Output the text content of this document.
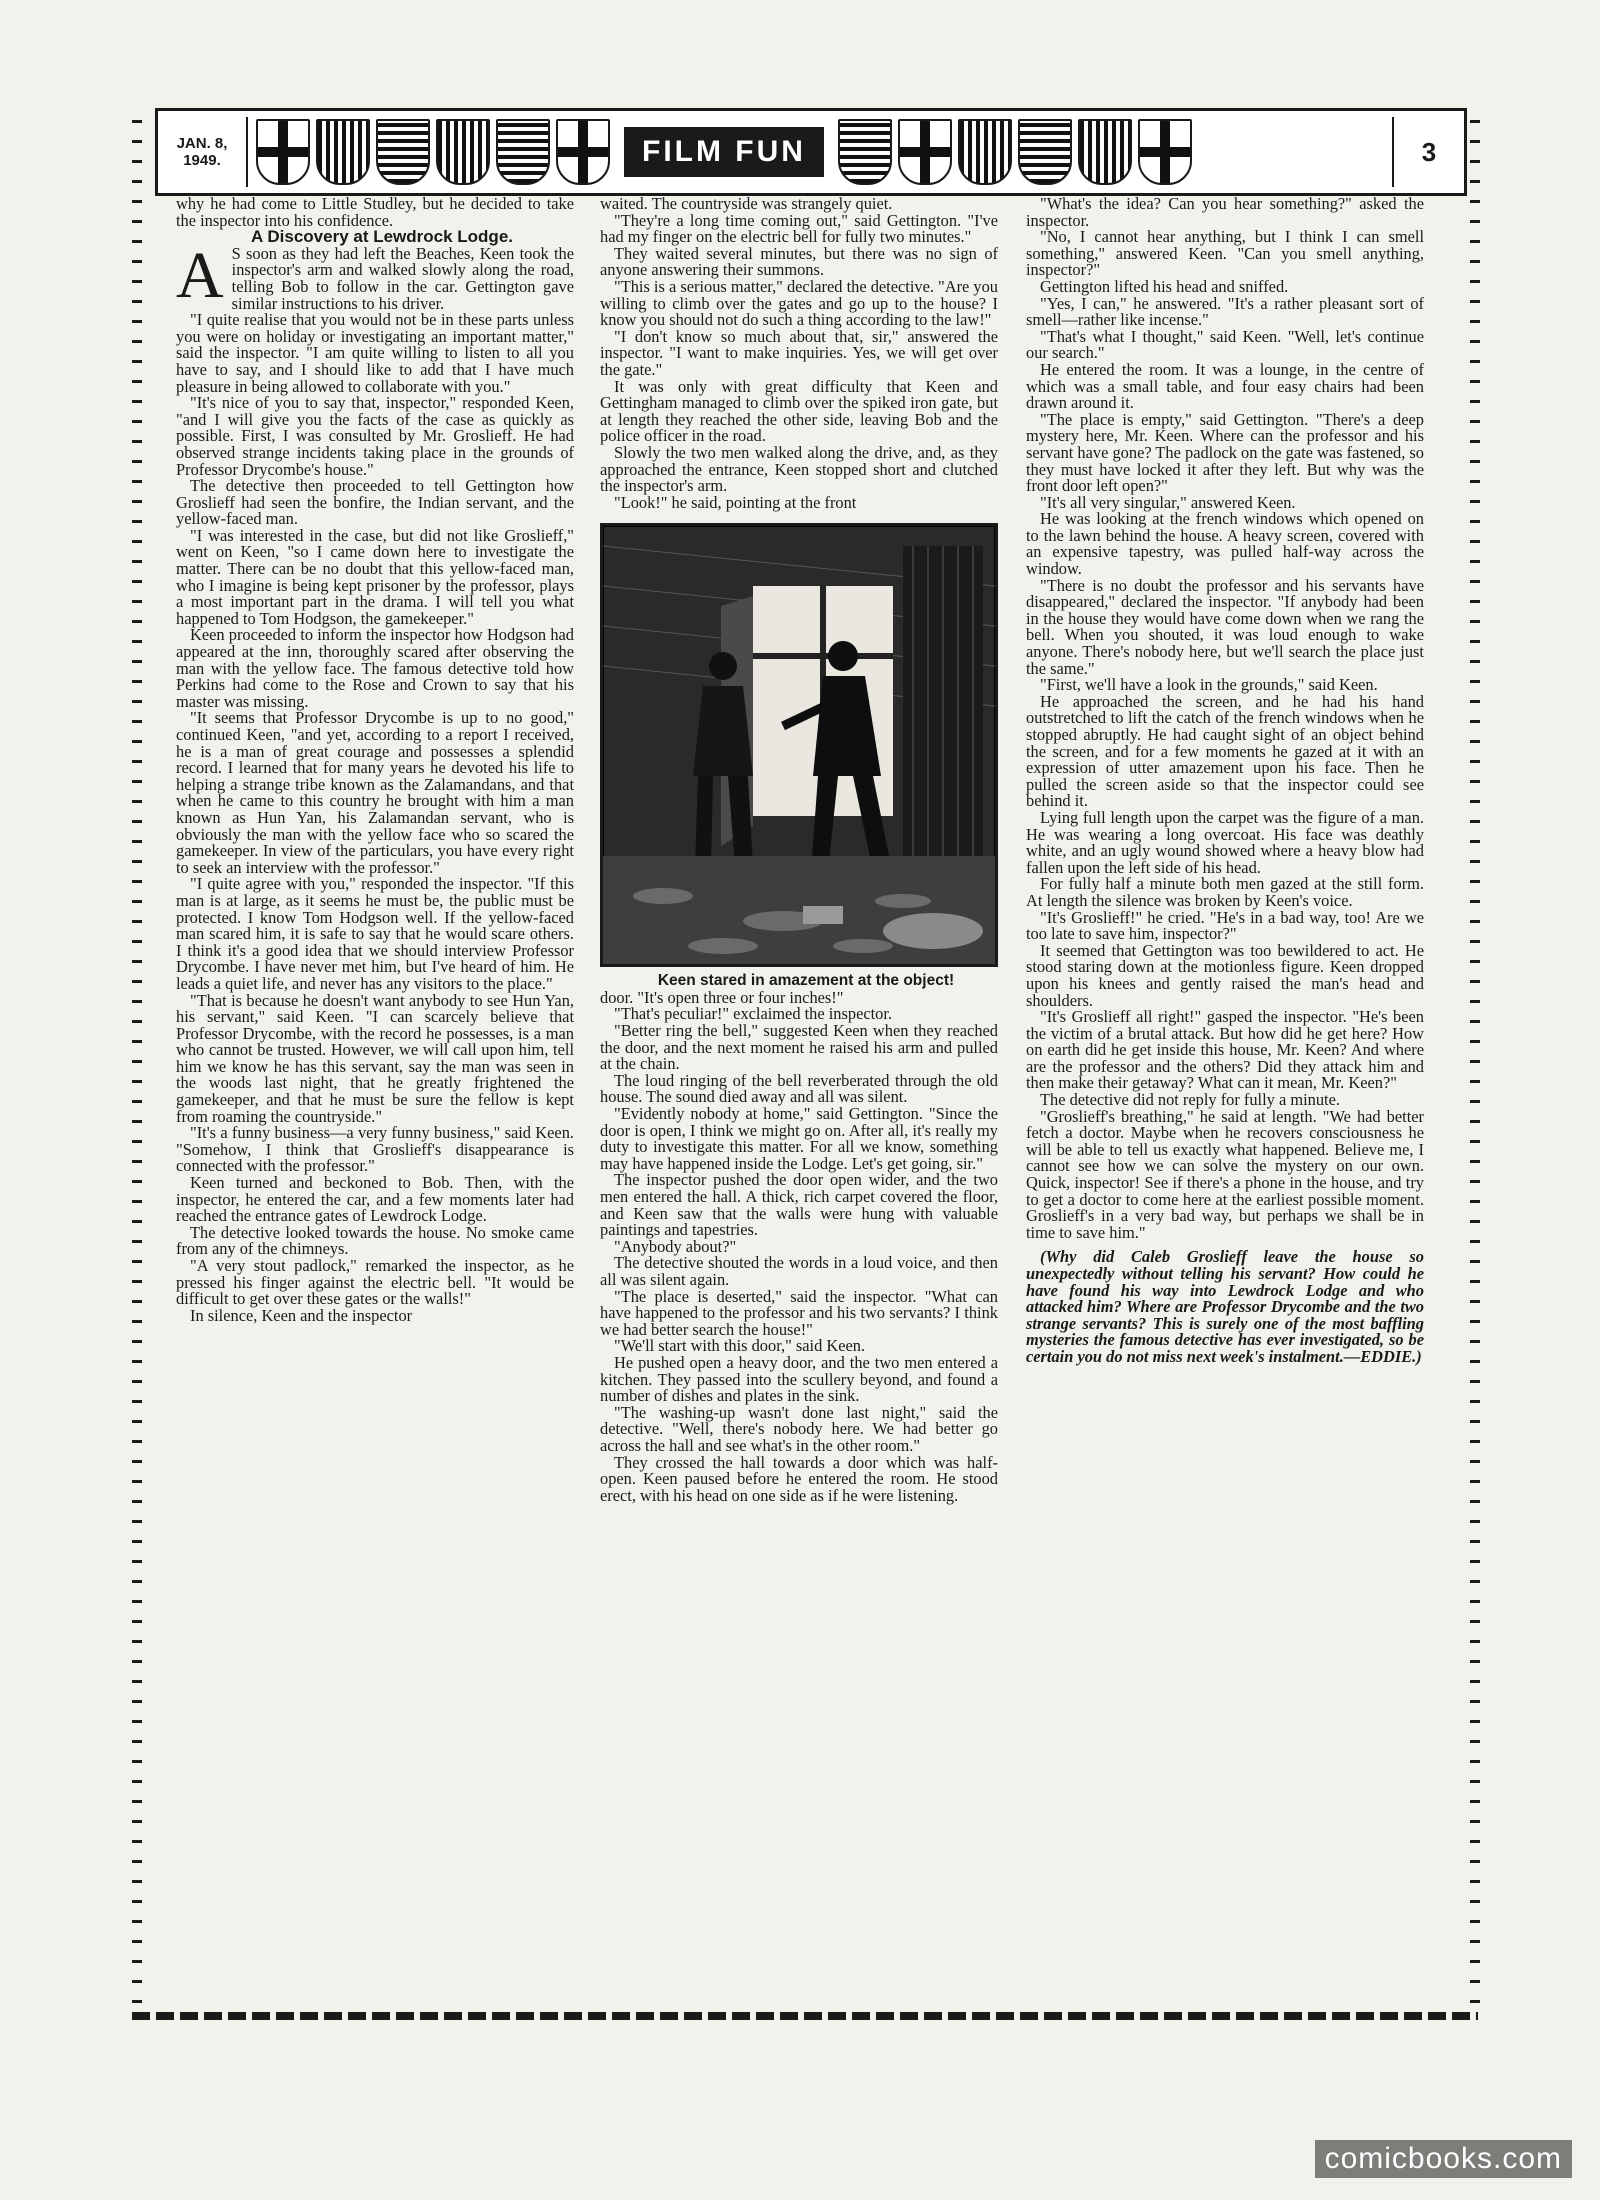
JAN. 8,
1949.	FILM FUN	3

why he had come to Little Studley, but he decided to take the inspector into his confidence.

A Discovery at Lewdrock Lodge.

A S soon as they had left the Beaches, Keen took the inspector's arm and walked slowly along the road, telling Bob to follow in the car. Gettington gave similar instructions to his driver.

"I quite realise that you would not be in these parts unless you were on holiday or investigating an important matter," said the inspector. "I am quite willing to listen to all you have to say, and I should like to add that I have much pleasure in being allowed to collaborate with you."

"It's nice of you to say that, inspector," responded Keen, "and I will give you the facts of the case as quickly as possible. First, I was consulted by Mr. Groslieff. He had observed strange incidents taking place in the grounds of Professor Drycombe's house."

The detective then proceeded to tell Gettington how Groslieff had seen the bonfire, the Indian servant, and the yellow-faced man.

"I was interested in the case, but did not like Groslieff," went on Keen, "so I came down here to investigate the matter. There can be no doubt that this yellow-faced man, who I imagine is being kept prisoner by the professor, plays a most important part in the drama. I will tell you what happened to Tom Hodgson, the gamekeeper."

Keen proceeded to inform the inspector how Hodgson had appeared at the inn, thoroughly scared after observing the man with the yellow face. The famous detective told how Perkins had come to the Rose and Crown to say that his master was missing.

"It seems that Professor Drycombe is up to no good," continued Keen, "and yet, according to a report I received, he is a man of great courage and possesses a splendid record. I learned that for many years he devoted his life to helping a strange tribe known as the Zalamandans, and that when he came to this country he brought with him a man known as Hun Yan, his Zalamandan servant, who is obviously the man with the yellow face who so scared the gamekeeper. In view of the particulars, you have every right to seek an interview with the professor."

"I quite agree with you," responded the inspector. "If this man is at large, as it seems he must be, the public must be protected. I know Tom Hodgson well. If the yellow-faced man scared him, it is safe to say that he would scare others. I think it's a good idea that we should interview Professor Drycombe. I have never met him, but I've heard of him. He leads a quiet life, and never has any visitors to the place."

"That is because he doesn't want anybody to see Hun Yan, his servant," said Keen. "I can scarcely believe that Professor Drycombe, with the record he possesses, is a man who cannot be trusted. However, we will call upon him, tell him we know he has this servant, say the man was seen in the woods last night, that he greatly frightened the gamekeeper, and that he must be sure the fellow is kept from roaming the countryside."

"It's a funny business—a very funny business," said Keen. "Somehow, I think that Groslieff's disappearance is connected with the professor."

Keen turned and beckoned to Bob. Then, with the inspector, he entered the car, and a few moments later had reached the entrance gates of Lewdrock Lodge.

The detective looked towards the house. No smoke came from any of the chimneys.

"A very stout padlock," remarked the inspector, as he pressed his finger against the electric bell. "It would be difficult to get over these gates or the walls!"

In silence, Keen and the inspector

waited. The countryside was strangely quiet.

"They're a long time coming out," said Gettington. "I've had my finger on the electric bell for fully two minutes."

They waited several minutes, but there was no sign of anyone answering their summons.

"This is a serious matter," declared the detective. "Are you willing to climb over the gates and go up to the house? I know you should not do such a thing according to the law!"

"I don't know so much about that, sir," answered the inspector. "I want to make inquiries. Yes, we will get over the gate."

It was only with great difficulty that Keen and Gettingham managed to climb over the spiked iron gate, but at length they reached the other side, leaving Bob and the police officer in the road.

Slowly the two men walked along the drive, and, as they approached the entrance, Keen stopped short and clutched the inspector's arm.

"Look!" he said, pointing at the front

Keen stared in amazement at the object!

door. "It's open three or four inches!"

"That's peculiar!" exclaimed the inspector.

"Better ring the bell," suggested Keen when they reached the door, and the next moment he raised his arm and pulled at the chain.

The loud ringing of the bell reverberated through the old house. The sound died away and all was silent.

"Evidently nobody at home," said Gettington. "Since the door is open, I think we might go on. After all, it's really my duty to investigate this matter. For all we know, something may have happened inside the Lodge. Let's get going, sir."

The inspector pushed the door open wider, and the two men entered the hall. A thick, rich carpet covered the floor, and Keen saw that the walls were hung with valuable paintings and tapestries.

"Anybody about?"

The detective shouted the words in a loud voice, and then all was silent again.

"The place is deserted," said the inspector. "What can have happened to the professor and his two servants? I think we had better search the house!"

"We'll start with this door," said Keen.

He pushed open a heavy door, and the two men entered a kitchen. They passed into the scullery beyond, and found a number of dishes and plates in the sink.

"The washing-up wasn't done last night," said the detective. "Well, there's nobody here. We had better go across the hall and see what's in the other room."

They crossed the hall towards a door which was half-open. Keen paused before he entered the room. He stood erect, with his head on one side as if he were listening.

"What's the idea? Can you hear something?" asked the inspector.

"No, I cannot hear anything, but I think I can smell something," answered Keen. "Can you smell anything, inspector?"

Gettington lifted his head and sniffed.

"Yes, I can," he answered. "It's a rather pleasant sort of smell—rather like incense."

"That's what I thought," said Keen. "Well, let's continue our search."

He entered the room. It was a lounge, in the centre of which was a small table, and four easy chairs had been drawn around it.

"The place is empty," said Gettington. "There's a deep mystery here, Mr. Keen. Where can the professor and his servant have gone? The padlock on the gate was fastened, so they must have locked it after they left. But why was the front door left open?"

"It's all very singular," answered Keen.

He was looking at the french windows which opened on to the lawn behind the house. A heavy screen, covered with an expensive tapestry, was pulled half-way across the window.

"There is no doubt the professor and his servants have disappeared," declared the inspector. "If anybody had been in the house they would have come down when we rang the bell. When you shouted, it was loud enough to wake anyone. There's nobody here, but we'll search the place just the same."

"First, we'll have a look in the grounds," said Keen.

He approached the screen, and he had his hand outstretched to lift the catch of the french windows when he stopped abruptly. He had caught sight of an object behind the screen, and for a few moments he gazed at it with an expression of utter amazement upon his face. Then he pulled the screen aside so that the inspector could see behind it.

Lying full length upon the carpet was the figure of a man. He was wearing a long overcoat. His face was deathly white, and an ugly wound showed where a heavy blow had fallen upon the left side of his head.

For fully half a minute both men gazed at the still form. At length the silence was broken by Keen's voice.

"It's Groslieff!" he cried. "He's in a bad way, too! Are we too late to save him, inspector?"

It seemed that Gettington was too bewildered to act. He stood staring down at the motionless figure. Keen dropped upon his knees and gently raised the man's head and shoulders.

"It's Groslieff all right!" gasped the inspector. "He's been the victim of a brutal attack. But how did he get here? How on earth did he get inside this house, Mr. Keen? And where are the professor and the others? Did they attack him and then make their getaway? What can it mean, Mr. Keen?"

The detective did not reply for fully a minute.

"Groslieff's breathing," he said at length. "We had better fetch a doctor. Maybe when he recovers consciousness he will be able to tell us exactly what happened. Believe me, I cannot see how we can solve the mystery on our own. Quick, inspector! See if there's a phone in the house, and try to get a doctor to come here at the earliest possible moment. Groslieff's in a very bad way, but perhaps we shall be in time to save him."

(Why did Caleb Groslieff leave the house so unexpectedly without telling his servant? How could he have found his way into Lewdrock Lodge and who attacked him? Where are Professor Drycombe and the two strange servants? This is surely one of the most baffling mysteries the famous detective has ever investigated, so be certain you do not miss next week's instalment.—EDDIE.)

comicbooks.com
